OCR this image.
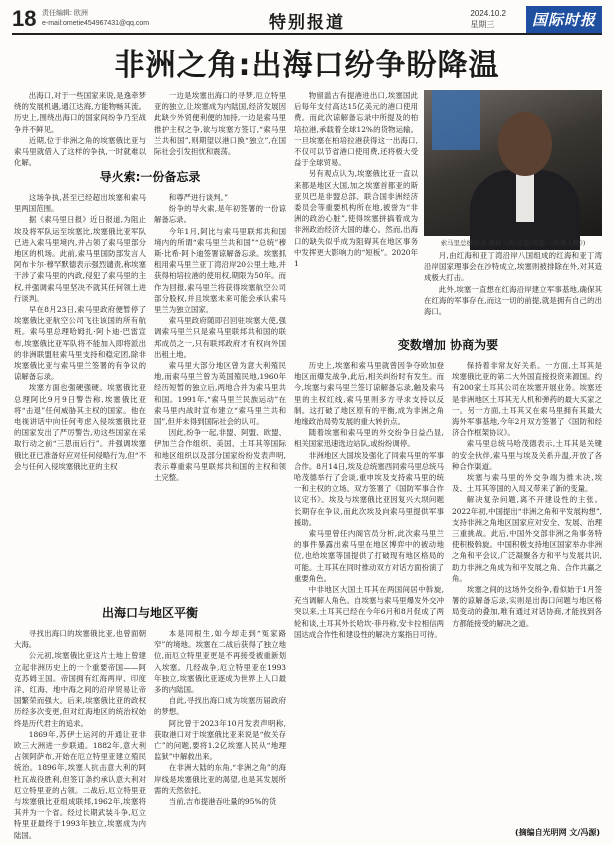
18 责任编辑: 欧洲
e-mail:ometie454967431@qq.com	特别报道	2024.10.2
星期三	国际时报
非洲之角:出海口纷争盼降温

出海口,对于一些国家来说,是逸牵梦绕的发展机遇,通江达海,方能物畅其流。历史上,围绕出海口的国家间纷争乃至战争并不鲜见。

近期,位于非洲之角的埃塞俄比亚与索马里就借入了这样的争执,一时就难以化解。

一边是埃塞出海口的寻梦,厄立特里亚的独立,让埃塞成为内陆国,经济发展因此缺少外贸便利便的加持,一边是索马里推护主权之争,欲与埃塞方签订,“索马里兰共和国”,则期望以港口换“独立”,在国际社会引发担忧和震荡。

导火索:一份备忘录

这场争执,甚至已经超出埃塞和索马里两国范围。

据《索马里日报》近日报道,为阻止埃及将军队运至埃塞比,埃塞俄比亚军队已进入索马里境内,并占领了索马里部分地区的机场。此前,索马里国防部发言人阿布卡尔·穆罕默德表示强烈谴责,称埃塞干涉了索马里的内政,侵犯了索马里的主权,并强调索马里坚决不就其任何领土进行谈判。

早在8月23日,索马里政府便暂停了埃塞俄比亚航空公司飞往该国的所有航班。索马里总理哈姆扎·阿卜迪·巴雷宣布,埃塞俄比亚军队将不能加入即将派出的非洲联盟驻索马里支持和稳定团,除非埃塞俄比亚与索马里兰签署的有争议的谅解备忘录。

埃塞方面也强硬强硬。埃塞俄比亚总理阿比9月9日警告称,埃塞俄比亚将“击退”任何威胁其主权的国家。他在电视讲话中向任何考虑入侵埃塞俄比亚的国家发出了严厉警告,劝这些国家在采取行动之前“三思而后行”。并强调埃塞俄比亚已准备好应对任何侵略行为,但“不会与任何入侵埃塞俄比亚的主权

和尊严进行谈判。”

纷争的导火索,是年初签署的一份谅解备忘录。

今年1月,阿比与索马里联邦共和国境内的所谓“索马里兰共和国”“总统”穆斯·比希·阿卜迪签署谅解备忘录。埃塞抓租用索马里兰亚丁湾沿岸20公里土地,并获得柏培拉港的使用权,期限为50年。而作为回报,索马里兰将获得埃塞航空公司部分股权,并且埃塞未来可能会承认索马里兰为独立国家。

索马里政府随即召回驻埃塞大使,强调索马里兰只是索马里联邦共和国的联邦成员之一,只有联邦政府才有权向外国出租土地。

索马里大部分地区曾为意大利殖民地,而索马里兰曾为英国殖民地,1960年经历短暂的独立后,两地合并为索马里共和国。1991年,“索马里兰民族运动”在索马里内战时宣布建立“索马里兰共和国”,但并未得到国际社会的认可。

因此,纷争一起,非盟、阿盟、欧盟、伊加兰合作组织、美国、土耳其等国际和地区组织以及部分国家纷纷发表声明,表示尊重索马里联邦共和国的主权和领土完整。

出海口与地区平衡

寻找出海口的埃塞俄比亚,也曾面朝大海。

公元初,埃塞俄比亚这片土地上曾建立起非洲历史上的一个重要帝国——阿克苏姆王国。帝国拥有红海两岸、印度洋、红海、地中海之间的沿岸贸易让帝国繁荣而强大。后来,埃塞俄比亚的政权历经多次变更,但对红海地区的统治权始终是历代君主的追求。

1869年,苏伊士运河的开通让亚非欧三大洲进一步联通。1882年,意大利占领阿萨布,开始在厄立特里亚建立殖民统治。1896年,埃塞人抗击意大利的阿杜瓦战役胜利,但签订条约承认意大利对厄立特里亚的占领。二战后,厄立特里亚与埃塞俄比亚组成联邦,1962年,埃塞将其并为一个省。经过长期武装斗争,厄立特里亚最终于1993年独立,埃塞成为内陆国。

本是同根生,如今却走到“冤家路窄”的境地。埃塞在二战后获得了独立地位,而厄立特里亚更是不再接受被重新划入埃塞。几经战争,厄立特里亚在1993年独立,埃塞俄比亚逐成为世界上人口最多的内陆国。

自此,寻找出海口成为埃塞历届政府的梦想。

阿比曾于2023年10月发表声明称,获取港口对于埃塞俄比亚来说是“攸关存亡”的问题,要将1.2亿埃塞人民从“地理监狱”中解救出来。

在非洲大陆的东角,“非洲之角”的海岸线是埃塞俄比亚的渴望,也是其发展所需的天然依托。

当前,吉布提港吞吐量的95%的货

物留滥古有提港进出口,埃塞国此后每年支付高达15亿美元的港口使用费。而此次谅解备忘录中所提及的柏培拉港,承载着全球12%的货物运输。一旦埃塞在柏培拉港获得这一出海口,不仅可以节省港口使用费,还将极大受益于全球贸易。

另有观点认为,埃塞俄比亚一直以来都是地区大国,加之埃塞首都亚的斯亚贝巴是非盟总部、联合国非洲经济委员会等重要机构所在地,被誉为“非洲的政治心脏”,使得埃塞拼搞着成为非洲政治经济大国的雄心。然而,出海口的缺失似乎成为阻碍其在地区事务中发挥更大影响力的“短板”。2020年1

索马里总统哈桑·谢赫·马哈茂德(图源:《环球人物》)

月,由红海和亚丁湾沿岸八国组成的红海和亚丁湾沿岸国家理事会在沙特成立,埃塞则被排除在外,对其造成极大打击。

此外,埃塞一直想在红海沿岸建立军事基地,确保其在红海的军事存在,而这一切的前提,就是拥有自己的出海口。

变数增加 协商为要

历史上,埃塞和索马里就曾因争夺欧加登地区而爆发战争,此后,相关纠纷时有发生。而今,埃塞与索马里兰签订谅解备忘录,触及索马里的主权红线,索马里则多方寻求支持以反制。这打破了地区原有的平衡,成为非洲之角地缘政治局势发展的重大转折点。

随着埃塞和索马里的外交纷争日益凸显,相关国家迅速选边站队,或纷纷调停。

非洲地区大国埃及强化了同索马里的军事合作。8月14日,埃及总统塞西同索马里总统马哈茂德举行了会谈,重申埃及支持索马里的统一和主权的立场。双方签署了《国防军事合作议定书》。埃及与埃塞俄比亚因复兴大坝问题长期存在争议,而此次埃及向索马里提供军事援助。

索马里曾任内阁官员分析,此次索马里兰的事件暴露出索马里在地区博弈中的被动地位,也给埃塞等国提供了打破现有地区格局的可能。土耳其在同时推动双方对话方面扮演了重要角色。

中非地区大国土耳其在两国间居中斡旋,充当调解人角色。自埃塞与索马里爆发外交冲突以来,土耳其已经在今年6月和8月促成了两轮和谈,土耳其外长哈坎·菲丹称,安卡拉相信两国达成合作性和建设性的解决方案指日可待。

保持着非常友好关系。一方面,土耳其是埃塞俄比亚的第二大外国直接投资来源国。约有200家土耳其公司在埃塞开展业务。埃塞还是非洲地区土耳其无人机和弹药的最大买家之一。另一方面,土耳其又在索马里拥有其最大海外军事基地,今年2月双方签署了《国防和经济合作框架协议》。

索马里总统马哈茂德表示,土耳其是关键的安全伙伴,索马里与埃及关系升温,开放了各种合作渠道。

埃塞与索马里的外交争端为推未决,埃及、土耳其等国的入局又带来了新的变量。

解决复杂问题,离不开建设性的主张。2022年初,中国提出“非洲之角和平发展构想”,支持非洲之角地区国家应对安全、发展、治理三重挑战。此后,中国外交部非洲之角事务特使积极斡旋。中国积极支持地区国家举办非洲之角和平会议,广泛凝聚各方和平与发展共识,助力非洲之角成为和平发展之角、合作共赢之角。

埃塞之间的这场外交纷争,看似始于1月签署的谅解备忘录,实则是出海口问题与地区格局变动的叠加,唯有通过对话协商,才能找到各方都能接受的解决之道。

(摘编自光明网 文/冯源)
